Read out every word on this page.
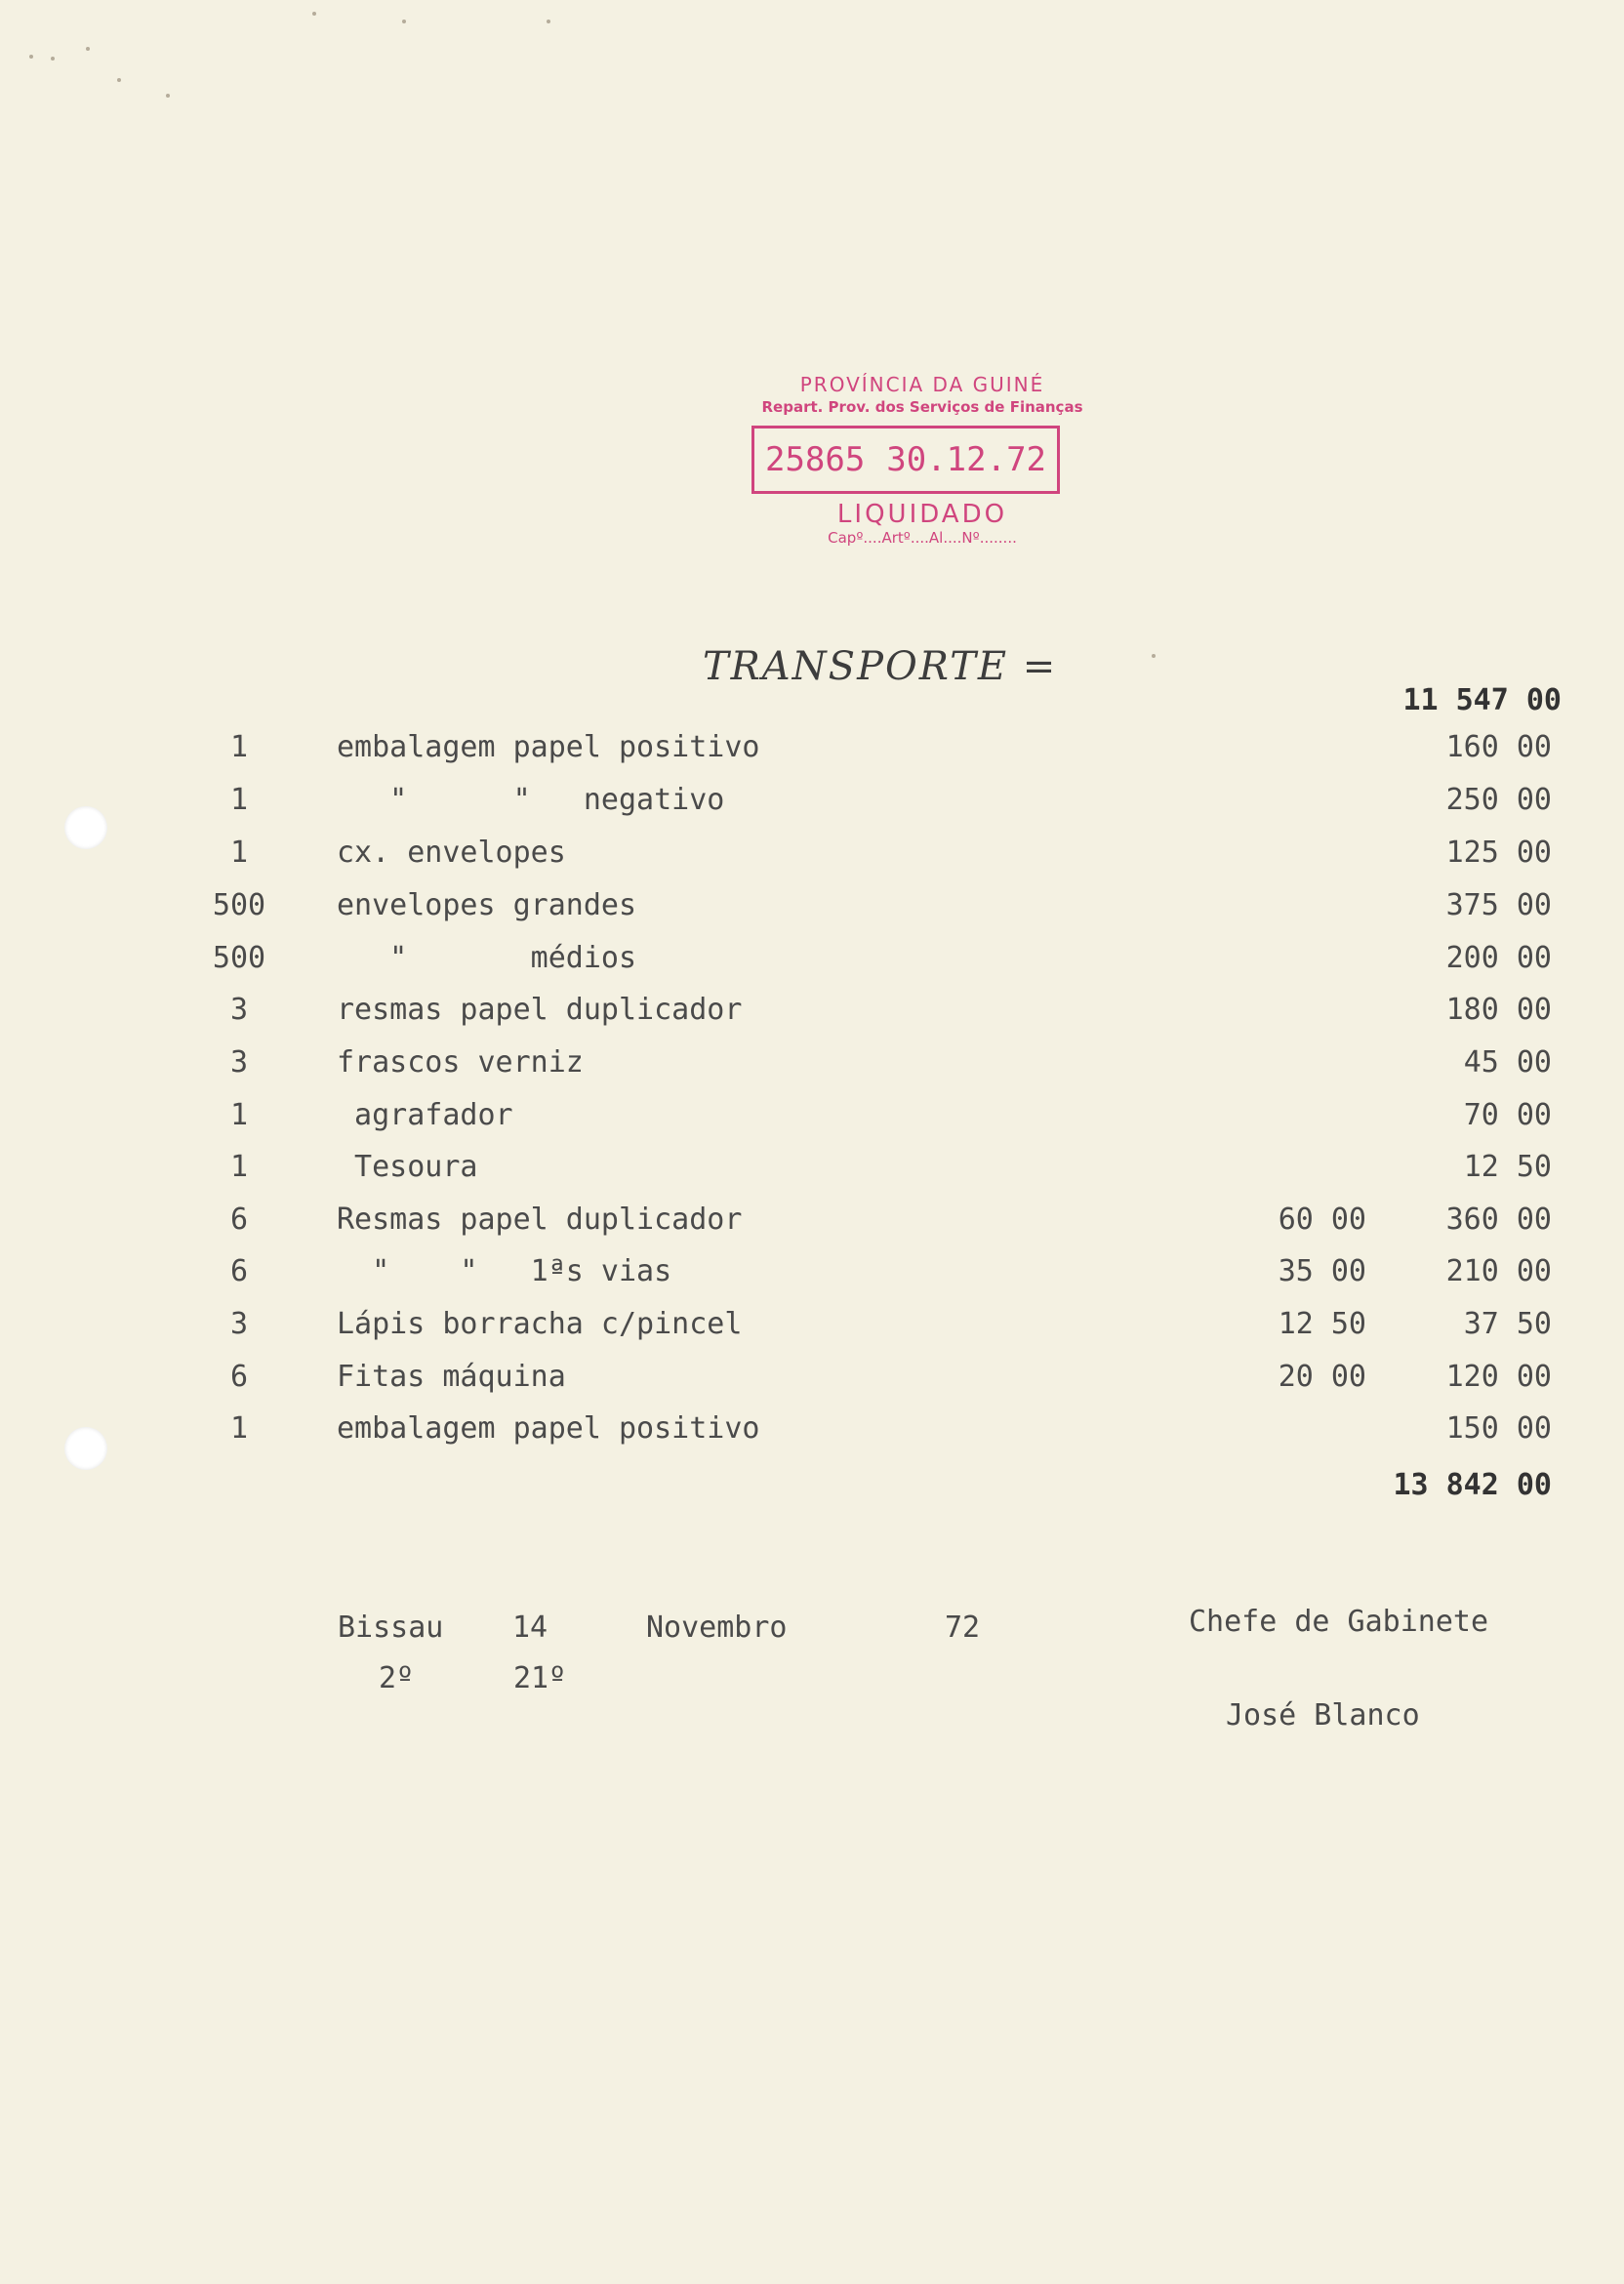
PROVÍNCIA DA GUINÉ
Repart. Prov. dos Serviços de Finanças
25865 30.12.72
LIQUIDADO
Capº....Artº....Al....Nº........
TRANSPORTE =
11 547 00
1	embalagem papel positivo	160 00
1	"      "   negativo	250 00
1	cx. envelopes	125 00
500	envelopes grandes	375 00
500	"       médios	200 00
3	resmas papel duplicador	180 00
3	frascos verniz	45 00
1	agrafador	70 00
1	Tesoura	12 50
6	Resmas papel duplicador	60 00	360 00
6	"    "   1ªs vias	35 00	210 00
3	Lápis borracha c/pincel	12 50	37 50
6	Fitas máquina	20 00	120 00
1	embalagem papel positivo	150 00
13 842 00
Bissau 14	Novembro	72
2º	21º
Chefe de Gabinete
José Blanco
